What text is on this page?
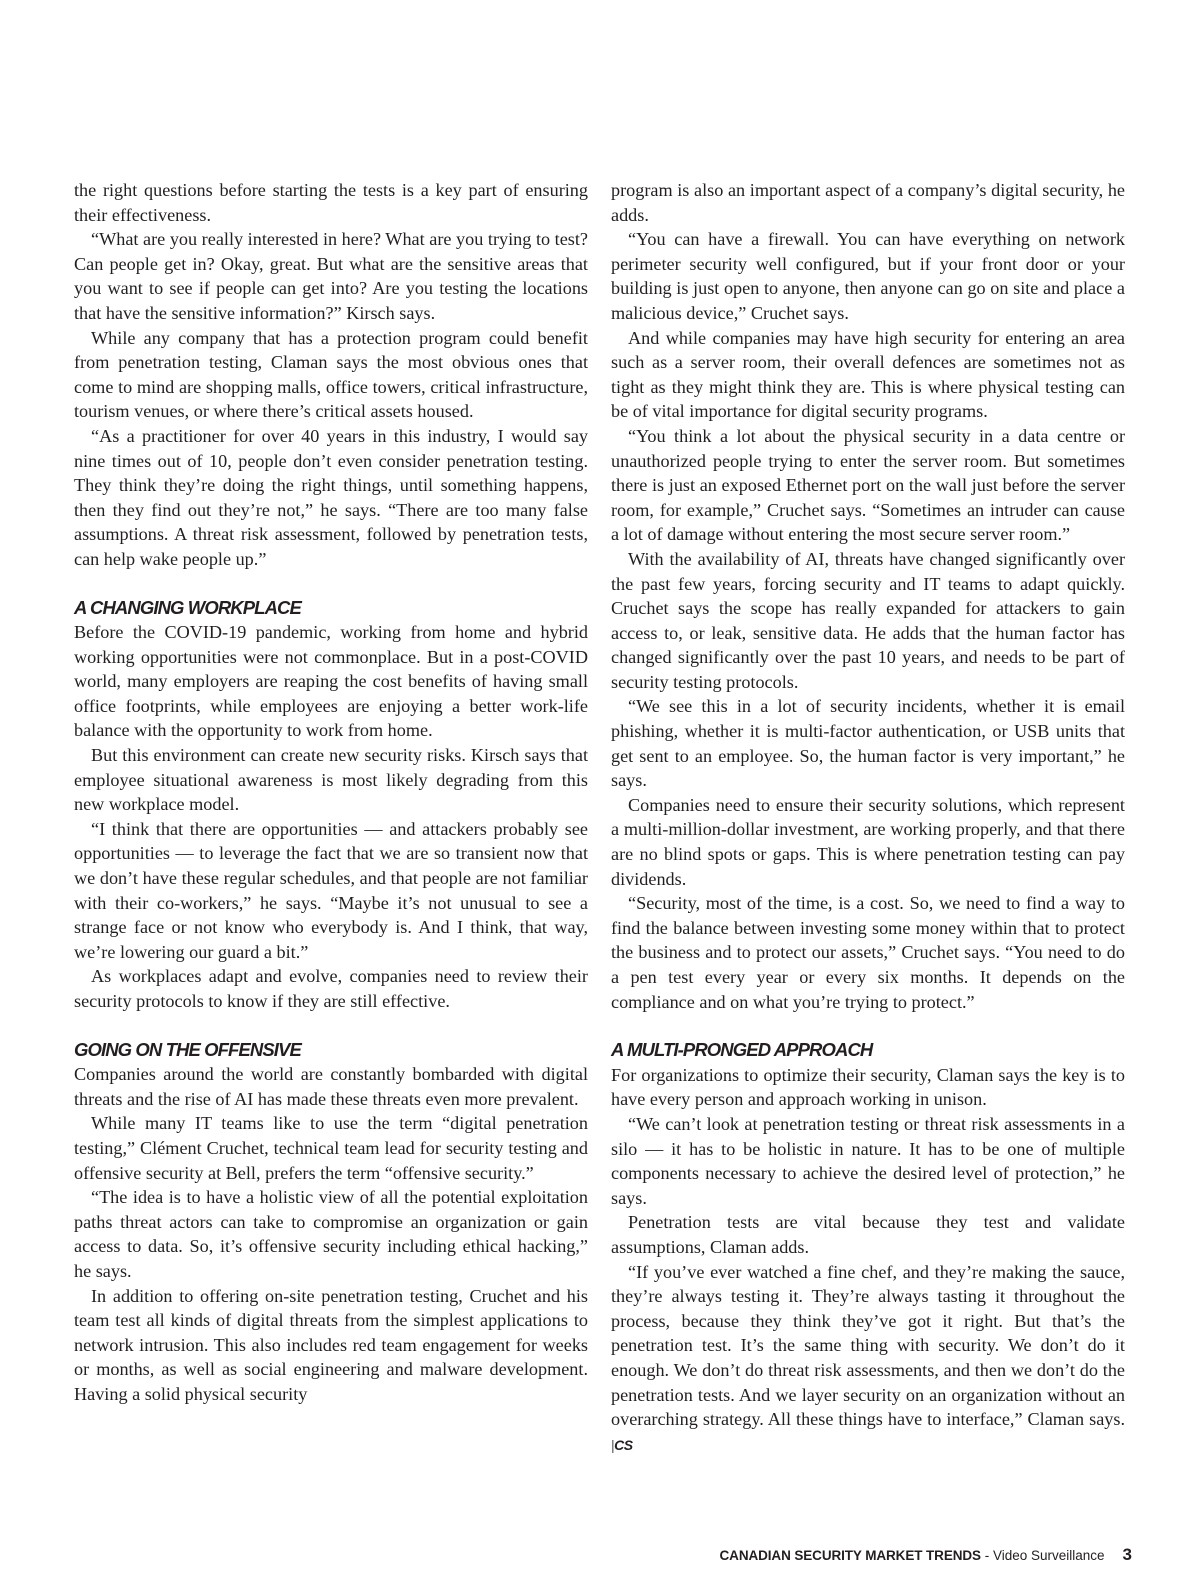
the right questions before starting the tests is a key part of ensuring their effectiveness.

“What are you really interested in here? What are you trying to test? Can people get in? Okay, great. But what are the sensitive areas that you want to see if people can get into? Are you testing the locations that have the sensitive information?” Kirsch says.

While any company that has a protection program could benefit from penetration testing, Claman says the most obvious ones that come to mind are shopping malls, office towers, critical infrastructure, tourism venues, or where there’s critical assets housed.

“As a practitioner for over 40 years in this industry, I would say nine times out of 10, people don’t even consider penetration testing. They think they’re doing the right things, until something happens, then they find out they’re not,” he says. “There are too many false assumptions. A threat risk assessment, followed by penetration tests, can help wake people up.”

A CHANGING WORKPLACE

Before the COVID-19 pandemic, working from home and hybrid working opportunities were not commonplace. But in a post-COVID world, many employers are reaping the cost benefits of having small office footprints, while employees are enjoying a better work-life balance with the opportunity to work from home.

But this environment can create new security risks. Kirsch says that employee situational awareness is most likely degrading from this new workplace model.

“I think that there are opportunities — and attackers probably see opportunities — to leverage the fact that we are so transient now that we don’t have these regular schedules, and that people are not familiar with their co-workers,” he says. “Maybe it’s not unusual to see a strange face or not know who everybody is. And I think, that way, we’re lowering our guard a bit.”

As workplaces adapt and evolve, companies need to review their security protocols to know if they are still effective.

GOING ON THE OFFENSIVE

Companies around the world are constantly bombarded with digital threats and the rise of AI has made these threats even more prevalent.

While many IT teams like to use the term “digital penetration testing,” Clément Cruchet, technical team lead for security testing and offensive security at Bell, prefers the term “offensive security.”

“The idea is to have a holistic view of all the potential exploitation paths threat actors can take to compromise an organization or gain access to data. So, it’s offensive security including ethical hacking,” he says.

In addition to offering on-site penetration testing, Cruchet and his team test all kinds of digital threats from the simplest applications to network intrusion. This also includes red team engagement for weeks or months, as well as social engineering and malware development. Having a solid physical security

program is also an important aspect of a company’s digital security, he adds.

“You can have a firewall. You can have everything on network perimeter security well configured, but if your front door or your building is just open to anyone, then anyone can go on site and place a malicious device,” Cruchet says.

And while companies may have high security for entering an area such as a server room, their overall defences are sometimes not as tight as they might think they are. This is where physical testing can be of vital importance for digital security programs.

“You think a lot about the physical security in a data centre or unauthorized people trying to enter the server room. But sometimes there is just an exposed Ethernet port on the wall just before the server room, for example,” Cruchet says. “Sometimes an intruder can cause a lot of damage without entering the most secure server room.”

With the availability of AI, threats have changed significantly over the past few years, forcing security and IT teams to adapt quickly. Cruchet says the scope has really expanded for attackers to gain access to, or leak, sensitive data. He adds that the human factor has changed significantly over the past 10 years, and needs to be part of security testing protocols.

“We see this in a lot of security incidents, whether it is email phishing, whether it is multi-factor authentication, or USB units that get sent to an employee. So, the human factor is very important,” he says.

Companies need to ensure their security solutions, which represent a multi-million-dollar investment, are working properly, and that there are no blind spots or gaps. This is where penetration testing can pay dividends.

“Security, most of the time, is a cost. So, we need to find a way to find the balance between investing some money within that to protect the business and to protect our assets,” Cruchet says. “You need to do a pen test every year or every six months. It depends on the compliance and on what you’re trying to protect.”

A MULTI-PRONGED APPROACH

For organizations to optimize their security, Claman says the key is to have every person and approach working in unison.

“We can’t look at penetration testing or threat risk assessments in a silo — it has to be holistic in nature. It has to be one of multiple components necessary to achieve the desired level of protection,” he says.

Penetration tests are vital because they test and validate assumptions, Claman adds.

“If you’ve ever watched a fine chef, and they’re making the sauce, they’re always testing it. They’re always tasting it throughout the process, because they think they’ve got it right. But that’s the penetration test. It’s the same thing with security. We don’t do it enough. We don’t do threat risk assessments, and then we don’t do the penetration tests. And we layer security on an organization without an overarching strategy. All these things have to interface,” Claman says. |CS

CANADIAN SECURITY MARKET TRENDS - Video Surveillance 3
